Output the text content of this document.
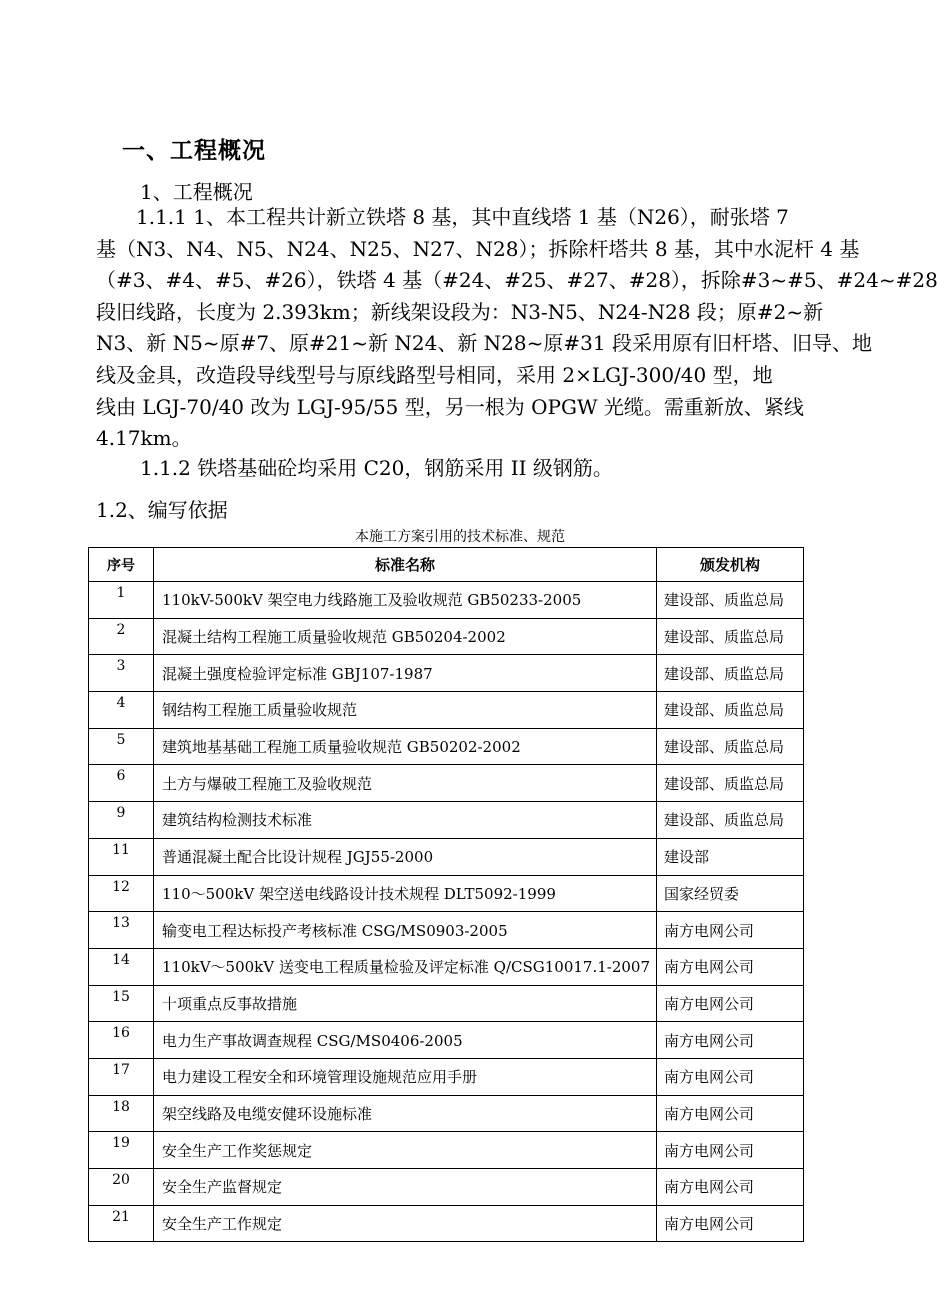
一、工程概况
1、工程概况
　　1.1.1 1、本工程共计新立铁塔 8 基，其中直线塔 1 基（N26），耐张塔 7
基（N3、N4、N5、N24、N25、N27、N28）；拆除杆塔共 8 基，其中水泥杆 4 基
（#3、#4、#5、#26），铁塔 4 基（#24、#25、#27、#28），拆除#3~#5、#24~#28
段旧线路，长度为 2.393km；新线架设段为：N3-N5、N24-N28 段；原#2~新
N3、新 N5~原#7、原#21~新 N24、新 N28~原#31 段采用原有旧杆塔、旧导、地
线及金具，改造段导线型号与原线路型号相同，采用 2×LGJ-300/40 型，地
线由 LGJ-70/40 改为 LGJ-95/55 型，另一根为 OPGW 光缆。需重新放、紧线
4.17km。
1.1.2 铁塔基础砼均采用 C20，钢筋采用 II 级钢筋。
1.2、编写依据
本施工方案引用的技术标准、规范
序号	标准名称	颁发机构
1	110kV-500kV 架空电力线路施工及验收规范 GB50233-2005	建设部、质监总局
2	混凝土结构工程施工质量验收规范 GB50204-2002	建设部、质监总局
3	混凝土强度检验评定标准 GBJ107-1987	建设部、质监总局
4	钢结构工程施工质量验收规范	建设部、质监总局
5	建筑地基基础工程施工质量验收规范 GB50202-2002	建设部、质监总局
6	土方与爆破工程施工及验收规范	建设部、质监总局
9	建筑结构检测技术标准	建设部、质监总局
11	普通混凝土配合比设计规程 JGJ55-2000	建设部
12	110～500kV 架空送电线路设计技术规程 DLT5092-1999	国家经贸委
13	输变电工程达标投产考核标准 CSG/MS0903-2005	南方电网公司
14	110kV～500kV 送变电工程质量检验及评定标准 Q/CSG10017.1-2007	南方电网公司
15	十项重点反事故措施	南方电网公司
16	电力生产事故调查规程 CSG/MS0406-2005	南方电网公司
17	电力建设工程安全和环境管理设施规范应用手册	南方电网公司
18	架空线路及电缆安健环设施标准	南方电网公司
19	安全生产工作奖惩规定	南方电网公司
20	安全生产监督规定	南方电网公司
21	安全生产工作规定	南方电网公司
